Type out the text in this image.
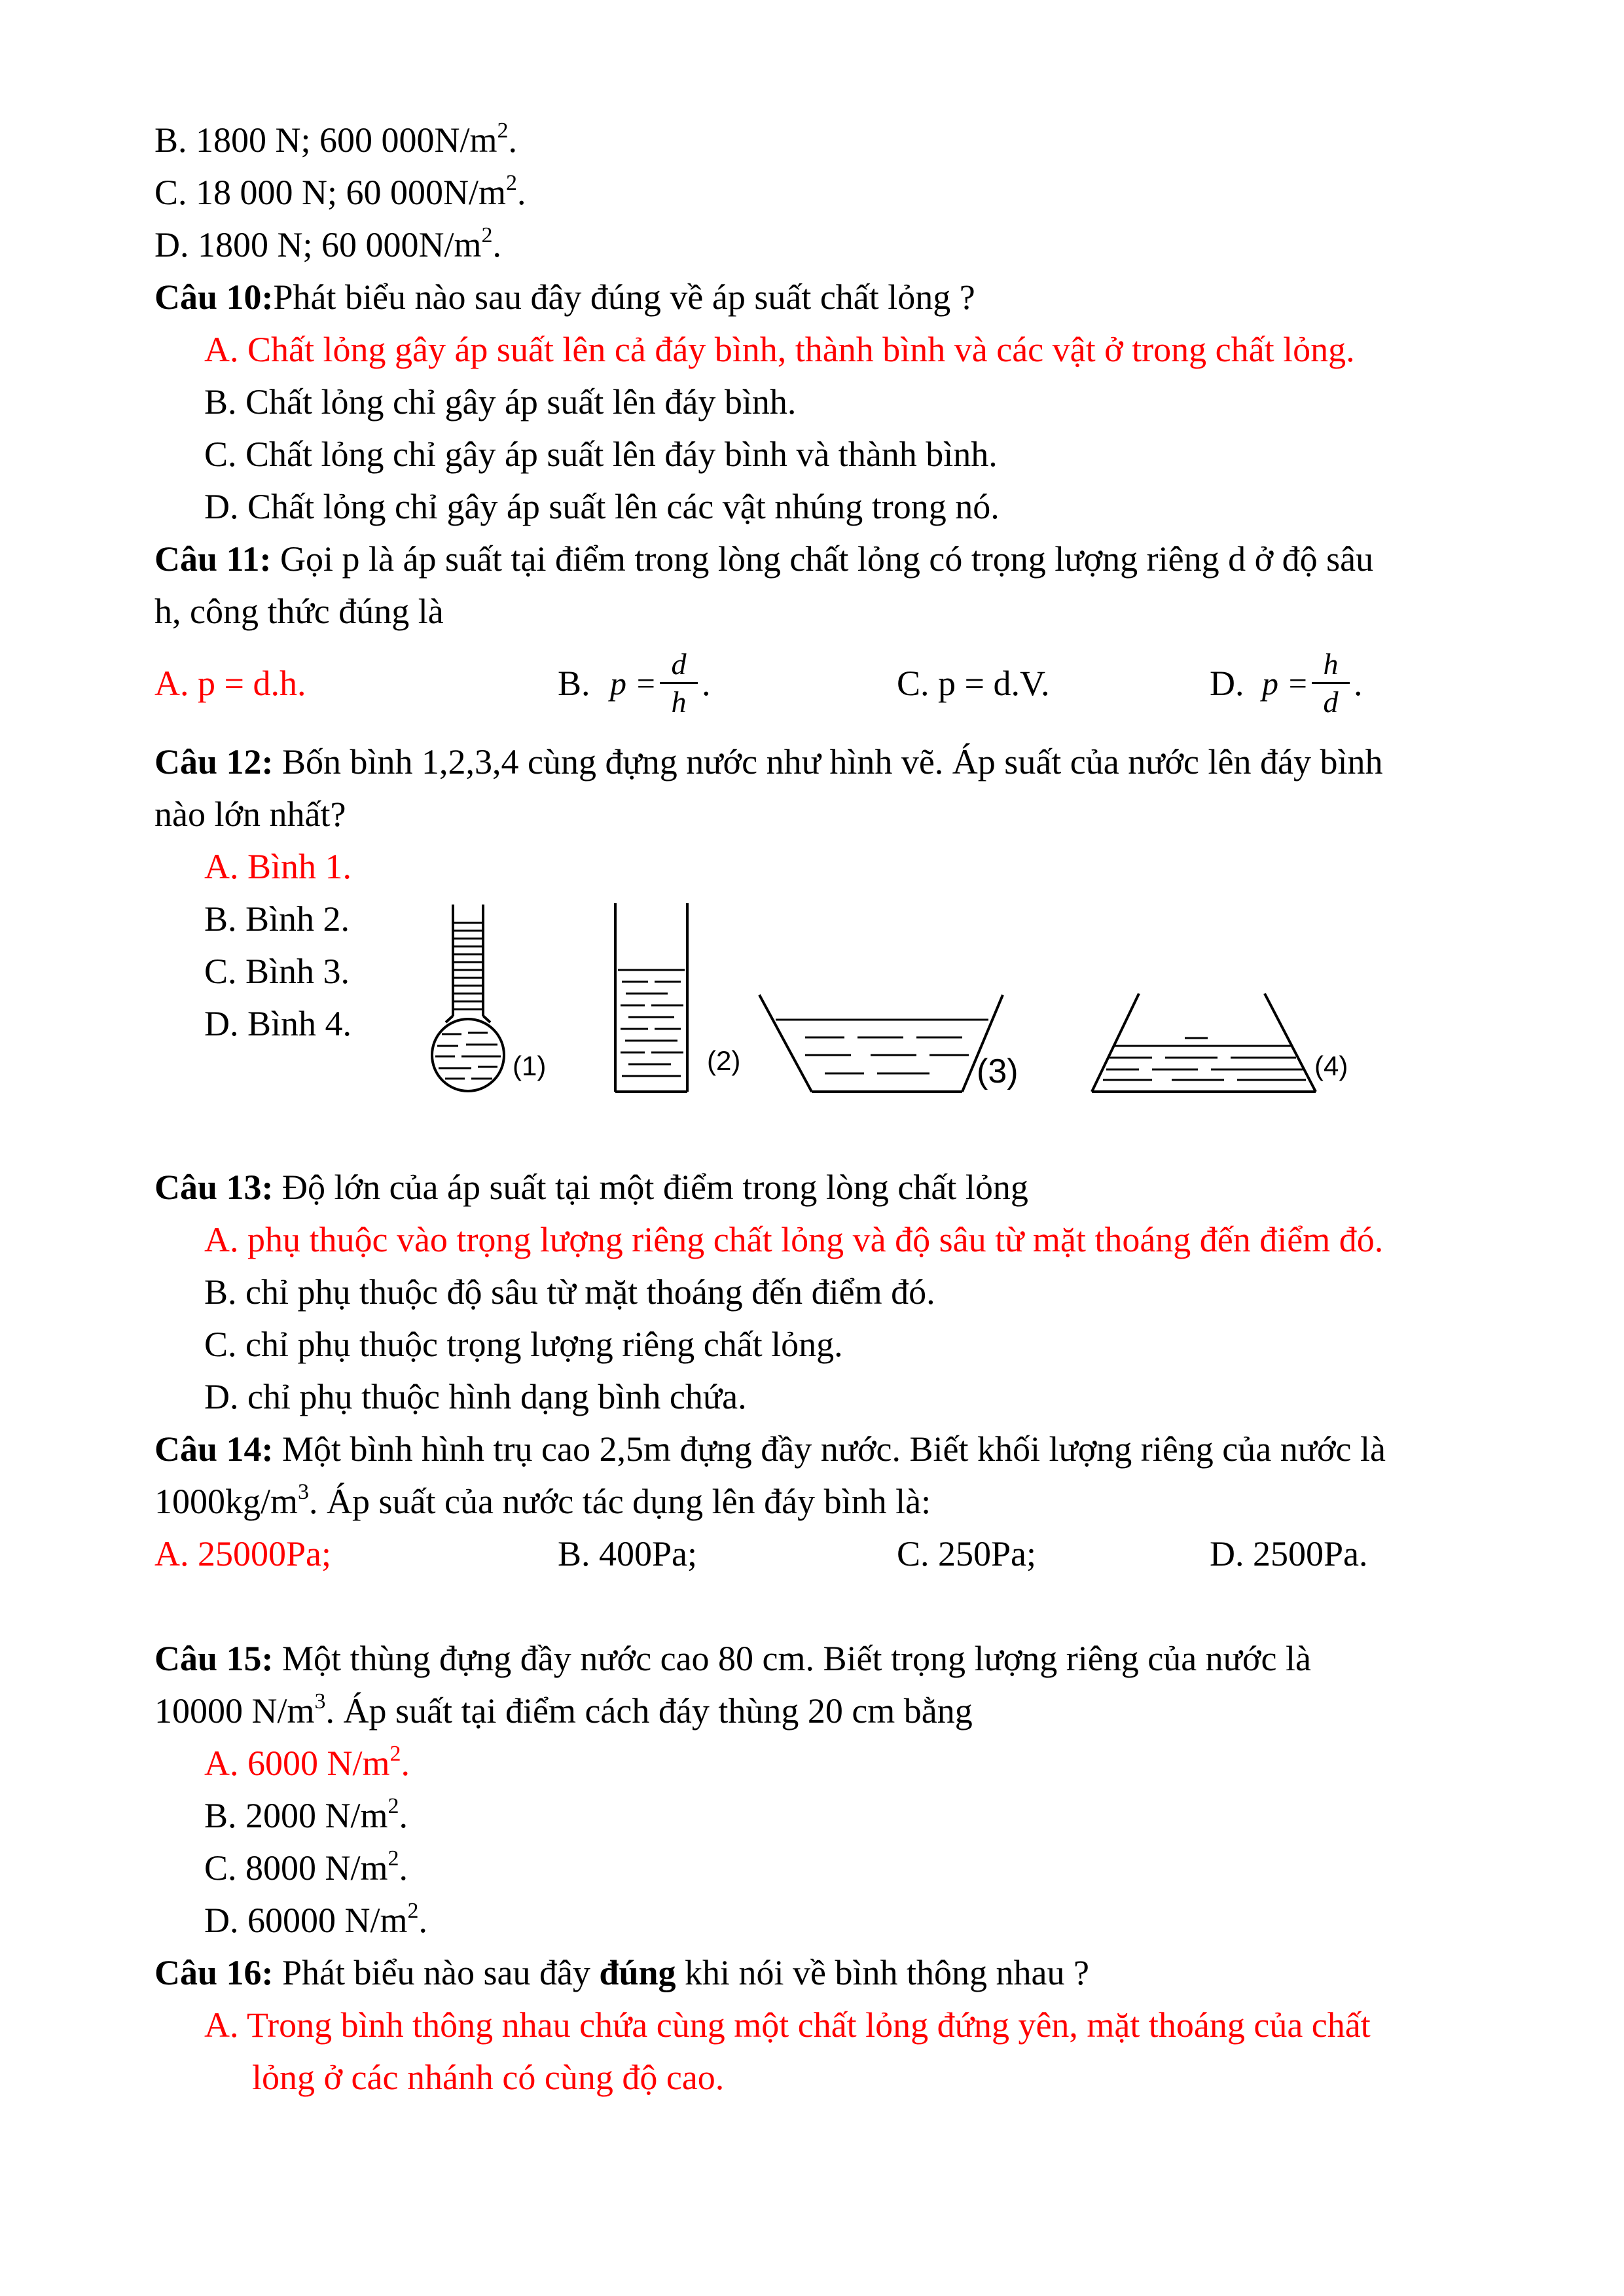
B. 1800 N; 600 $000N/m^2$.
C. 18 000 N; 60 $000N/m^2$.
D. 1800 N; 60 $000N/m^2$.
Câu 10:Phát biểu nào sau đây đúng về áp suất chất lỏng ?
A. Chất lỏng gây áp suất lên cả đáy bình, thành bình và các vật ở trong chất lỏng.
B. Chất lỏng chỉ gây áp suất lên đáy bình.
C. Chất lỏng chỉ gây áp suất lên đáy bình và thành bình.
D. Chất lỏng chỉ gây áp suất lên các vật nhúng trong nó.
Câu 11: Gọi p là áp suất tại điểm trong lòng chất lỏng có trọng lượng riêng d ở độ sâu
h, công thức đúng là
A. p = d.h.	B. p =
d
h .	C. p = d.V.	D. p =
h
d .
Câu 12: Bốn bình 1,2,3,4 cùng đựng nước như hình vẽ. Áp suất của nước lên đáy bình
nào lớn nhất?
A. Bình 1.
B. Bình 2.
C. Bình 3.
D. Bình 4.
(1)	(2)	(3)	(4)
Câu 13: Độ lớn của áp suất tại một điểm trong lòng chất lỏng
A. phụ thuộc vào trọng lượng riêng chất lỏng và độ sâu từ mặt thoáng đến điểm đó.
B. chỉ phụ thuộc độ sâu từ mặt thoáng đến điểm đó.
C. chỉ phụ thuộc trọng lượng riêng chất lỏng.
D. chỉ phụ thuộc hình dạng bình chứa.
Câu 14: Một bình hình trụ cao 2,5m đựng đầy nước. Biết khối lượng riêng của nước là
$1000kg/m^3$. Áp suất của nước tác dụng lên đáy bình là:
A. 25000Pa;	B. 400Pa;	C. 250Pa;	D. 2500Pa.
Câu 15: Một thùng đựng đầy nước cao 80 cm. Biết trọng lượng riêng của nước là
10000 $N/m^3$. Áp suất tại điểm cách đáy thùng 20 cm bằng
A. 6000 $N/m^2$.
B. 2000 $N/m^2$.
C. 8000 $N/m^2$.
D. 60000 $N/m^2$.
Câu 16: Phát biểu nào sau đây đúng khi nói về bình thông nhau ?
A. Trong bình thông nhau chứa cùng một chất lỏng đứng yên, mặt thoáng của chất
lỏng ở các nhánh có cùng độ cao.
